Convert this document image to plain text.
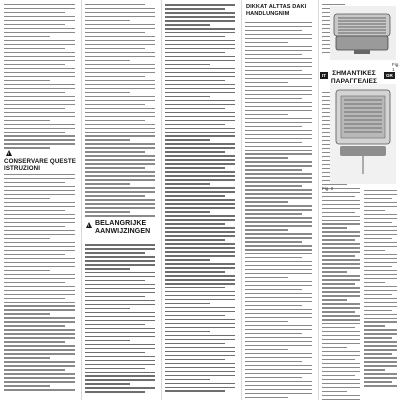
!
CONSERVARE QUESTE ISTRUZIONI
!
BELANGRIJKE AANWIJZINGEN
DIKKAT ALTTAS DAKI HANDLUNGNIM
IT	GR
ΣΗΜΑΝΤΙΚΕΣ ΠΑΡΑΓΓΕΛΙΕΣ
Fig. 1
Fig. 2
